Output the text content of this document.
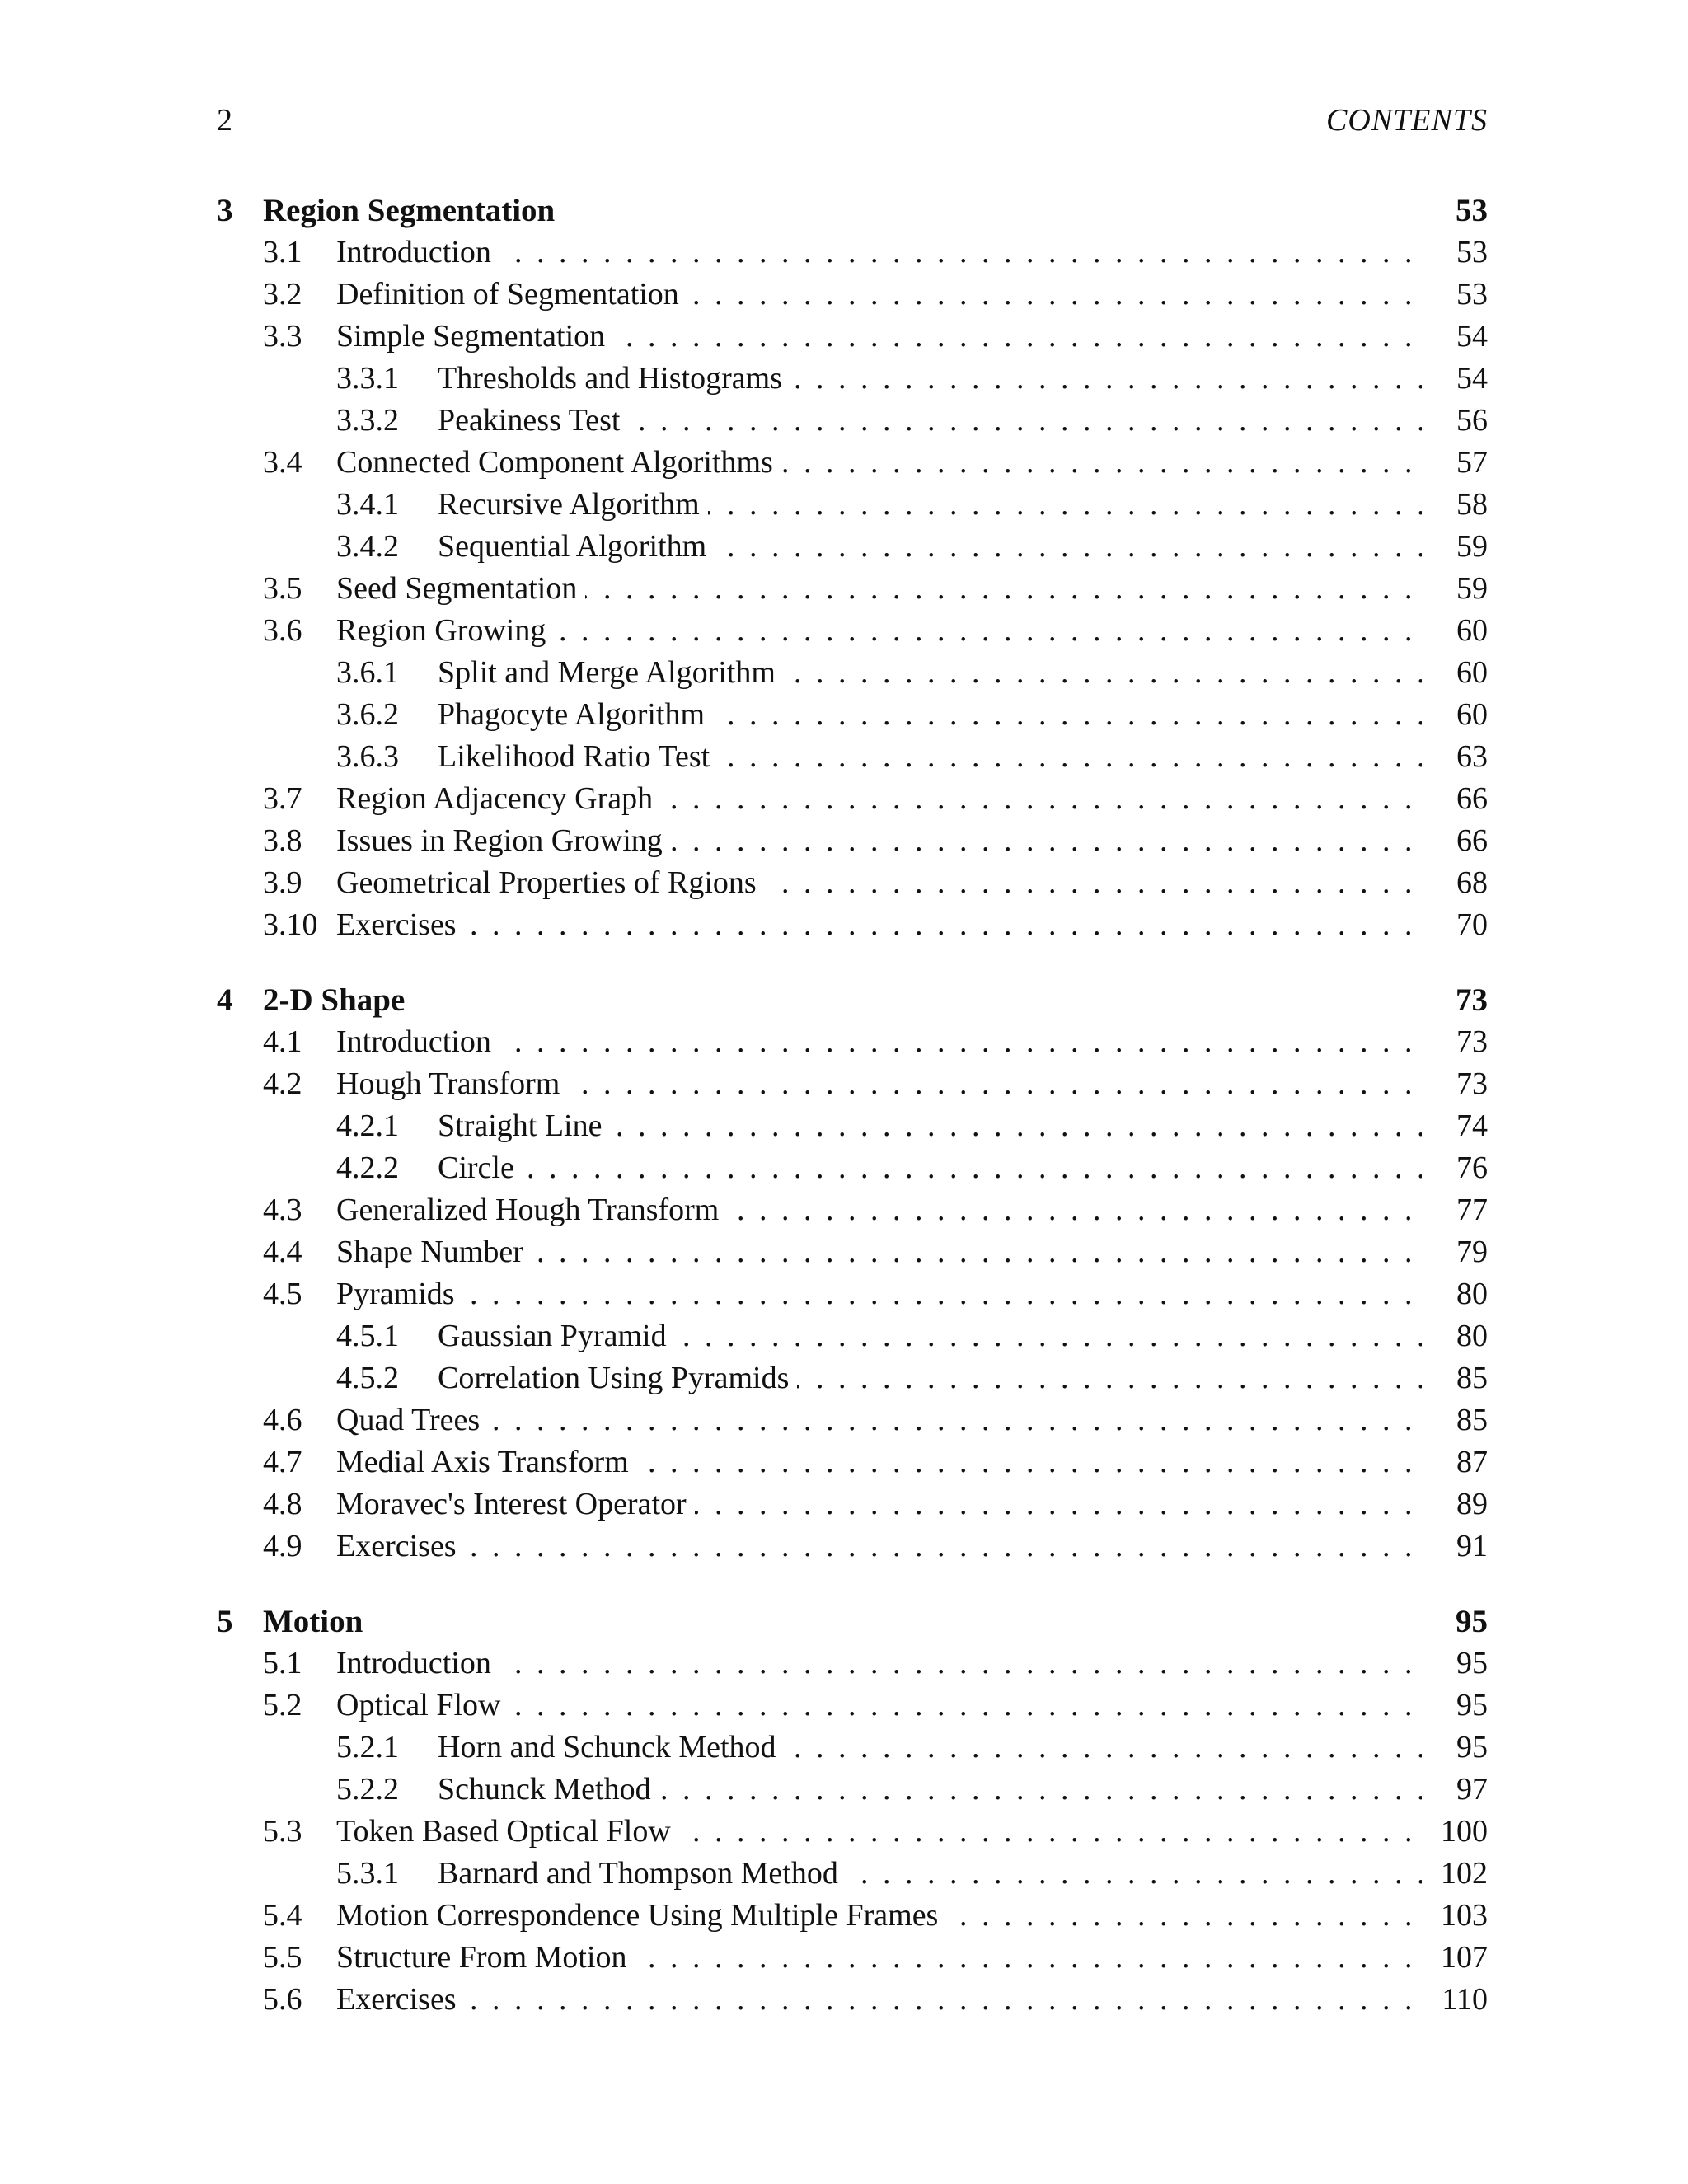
2	CONTENTS
3 Region Segmentation	53
3.1 . . . Introduction	53
3.2 . . . Definition of Segmentation	53
3.3 . . . Simple Segmentation	54
3.3.1 . . . Thresholds and Histograms	54
3.3.2 . . . Peakiness Test	56
3.4 . . . Connected Component Algorithms	57
3.4.1 . . . Recursive Algorithm	58
3.4.2 . . . Sequential Algorithm	59
3.5 . . . Seed Segmentation	59
3.6 . . . Region Growing	60
3.6.1 . . . Split and Merge Algorithm	60
3.6.2 . . . Phagocyte Algorithm	60
3.6.3 . . . Likelihood Ratio Test	63
3.7 . . . Region Adjacency Graph	66
3.8 . . . Issues in Region Growing	66
3.9 . . . Geometrical Properties of Rgions	68
3.10 . . . Exercises	70
4 2-D Shape	73
4.1 . . . Introduction	73
4.2 . . . Hough Transform	73
4.2.1 . . . Straight Line	74
4.2.2 . . . Circle	76
4.3 . . . Generalized Hough Transform	77
4.4 . . . Shape Number	79
4.5 . . . Pyramids	80
4.5.1 . . . Gaussian Pyramid	80
4.5.2 . . . Correlation Using Pyramids	85
4.6 . . . Quad Trees	85
4.7 . . . Medial Axis Transform	87
4.8 . . . Moravec's Interest Operator	89
4.9 . . . Exercises	91
5 Motion	95
5.1 . . . Introduction	95
5.2 . . . Optical Flow	95
5.2.1 . . . Horn and Schunck Method	95
5.2.2 . . . Schunck Method	97
5.3 . . . Token Based Optical Flow	100
5.3.1 . . . Barnard and Thompson Method	102
5.4 . . . Motion Correspondence Using Multiple Frames	103
5.5 . . . Structure From Motion	107
5.6 . . . Exercises	110
